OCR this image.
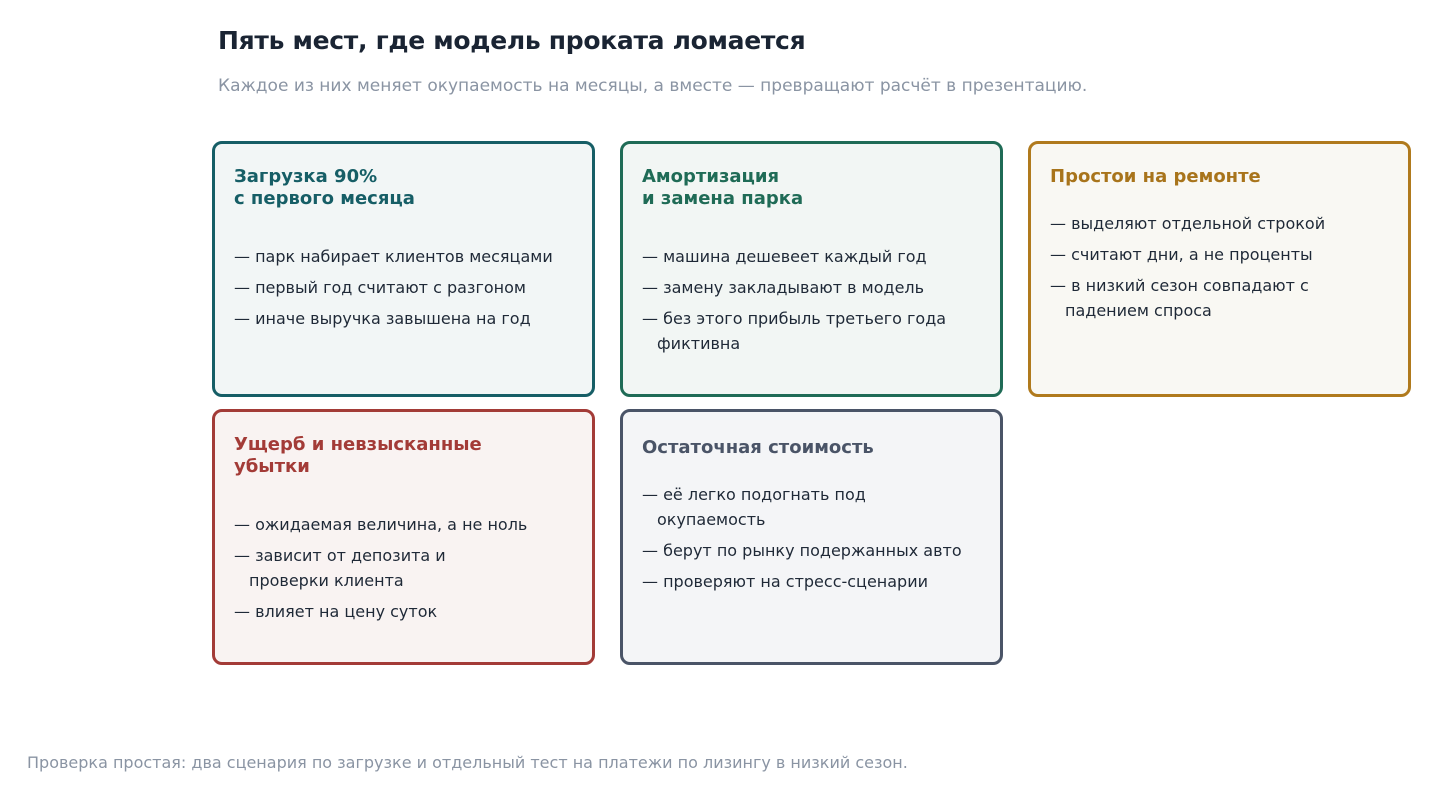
Пять мест, где модель проката ломается

Каждое из них меняет окупаемость на месяцы, а вместе — превращают расчёт в презентацию.

Загрузка 90%
с первого месяца
— парк набирает клиентов месяцами
— первый год считают с разгоном
— иначе выручка завышена на год
Амортизация
и замена парка
— машина дешевеет каждый год
— замену закладывают в модель
— без этого прибыль третьего года фиктивна
Простои на ремонте
— выделяют отдельной строкой
— считают дни, а не проценты
— в низкий сезон совпадают с падением спроса
Ущерб и невзысканные убытки
— ожидаемая величина, а не ноль
— зависит от депозита и проверки клиента
— влияет на цену суток
Остаточная стоимость
— её легко подогнать под окупаемость
— берут по рынку подержанных авто
— проверяют на стресс-сценарии

Проверка простая: два сценария по загрузке и отдельный тест на платежи по лизингу в низкий сезон.
